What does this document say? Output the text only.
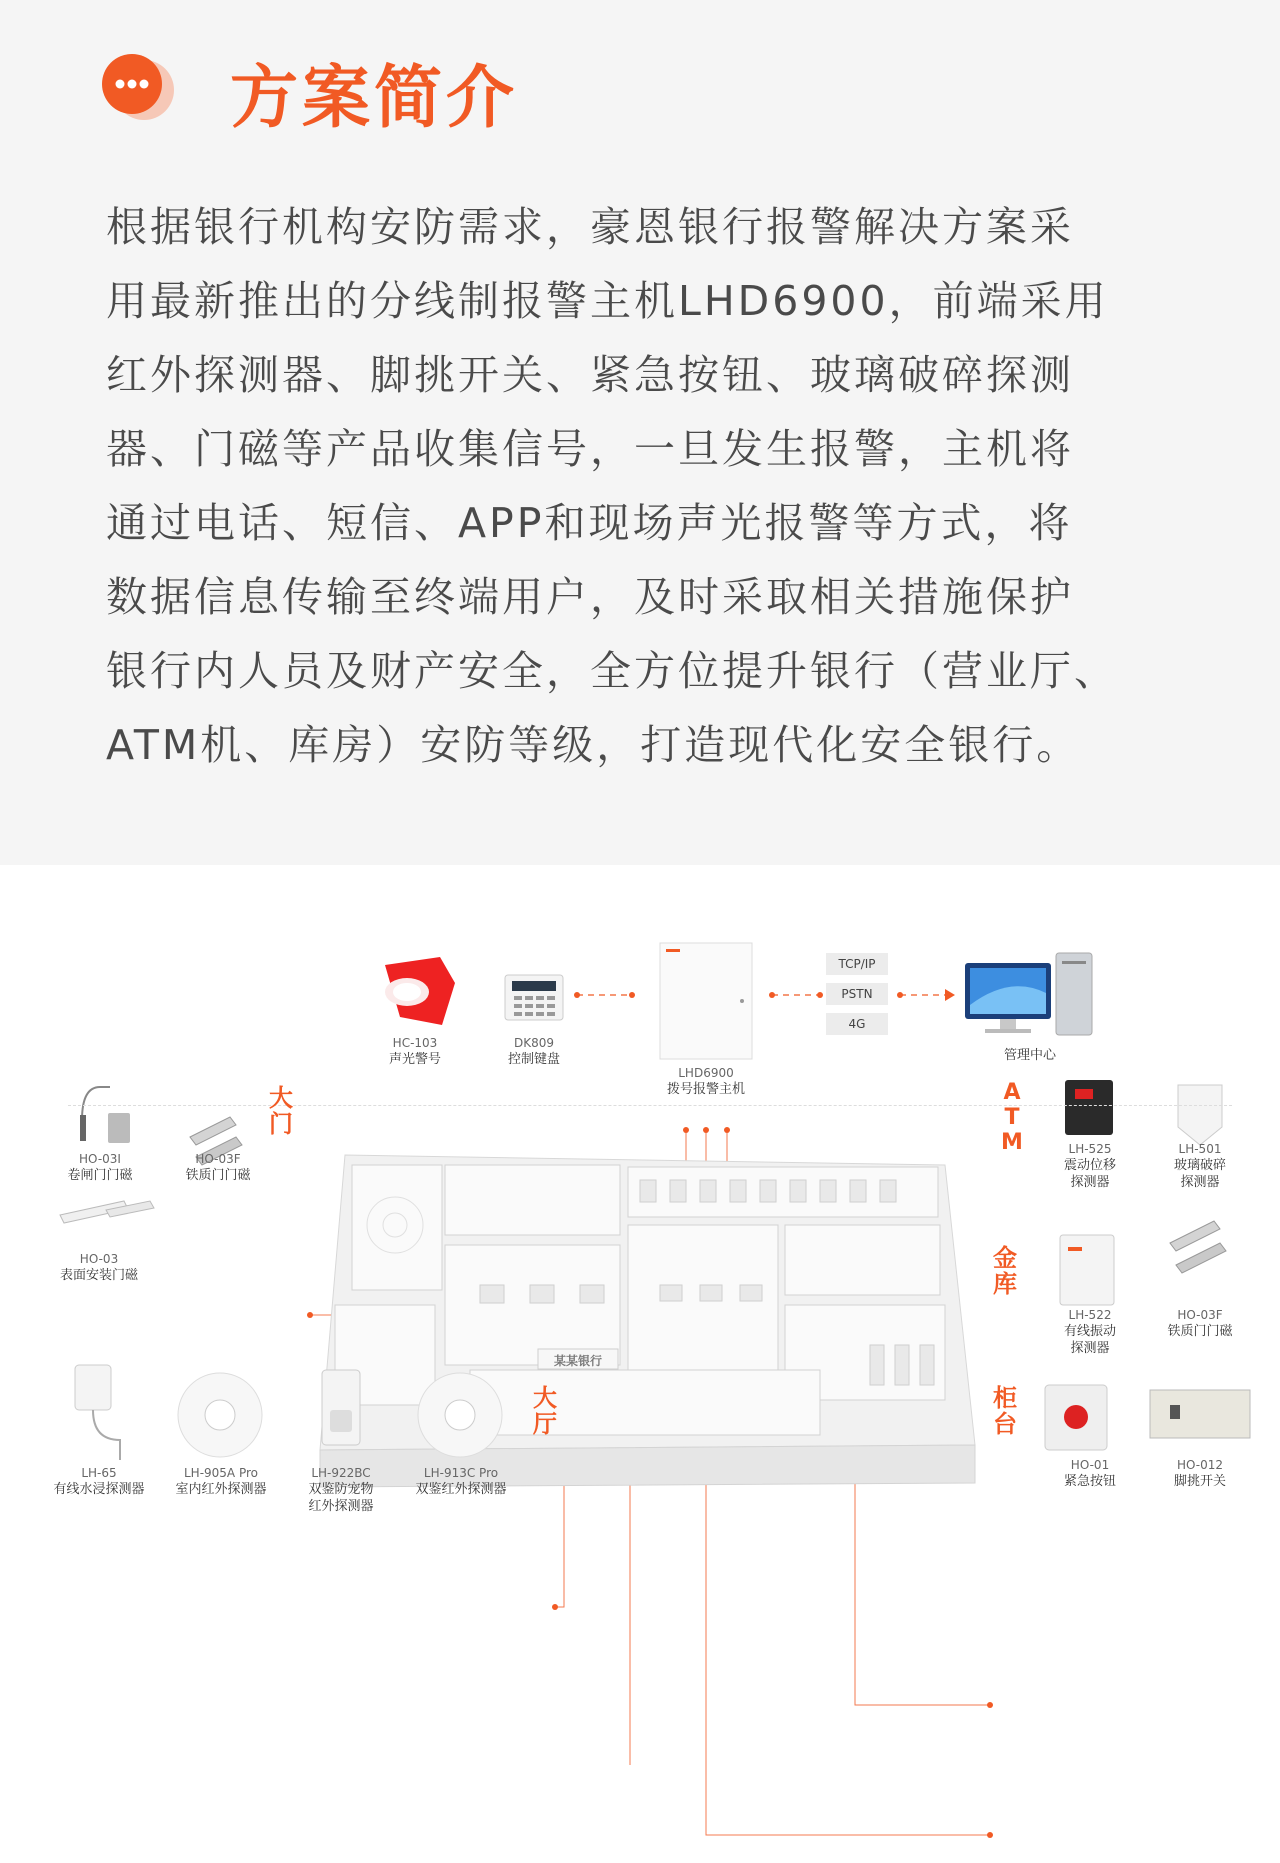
方案简介
根据银行机构安防需求，豪恩银行报警解决方案采
用最新推出的分线制报警主机LHD6900，前端采用
红外探测器、脚挑开关、紧急按钮、玻璃破碎探测
器、门磁等产品收集信号，一旦发生报警，主机将
通过电话、短信、APP和现场声光报警等方式，将
数据信息传输至终端用户，及时采取相关措施保护
银行内人员及财产安全，全方位提升银行（营业厅、
ATM机、库房）安防等级，打造现代化安全银行。
HC-103
声光警号
DK809
控制键盘
LHD6900
拨号报警主机
TCP/IP
PSTN
4G
管理中心
某某银行
大门
ATM
金库
大厅
柜台
HO-03I
卷闸门门磁
HO-03F
铁质门门磁
HO-03
表面安装门磁
LH-65
有线水浸探测器
LH-905A Pro
室内红外探测器
LH-922BC
双鉴防宠物
红外探测器
LH-913C Pro
双鉴红外探测器
LH-525
震动位移
探测器
LH-501
玻璃破碎
探测器
LH-522
有线振动
探测器
HO-03F
铁质门门磁
HO-01
紧急按钮
HO-012
脚挑开关
